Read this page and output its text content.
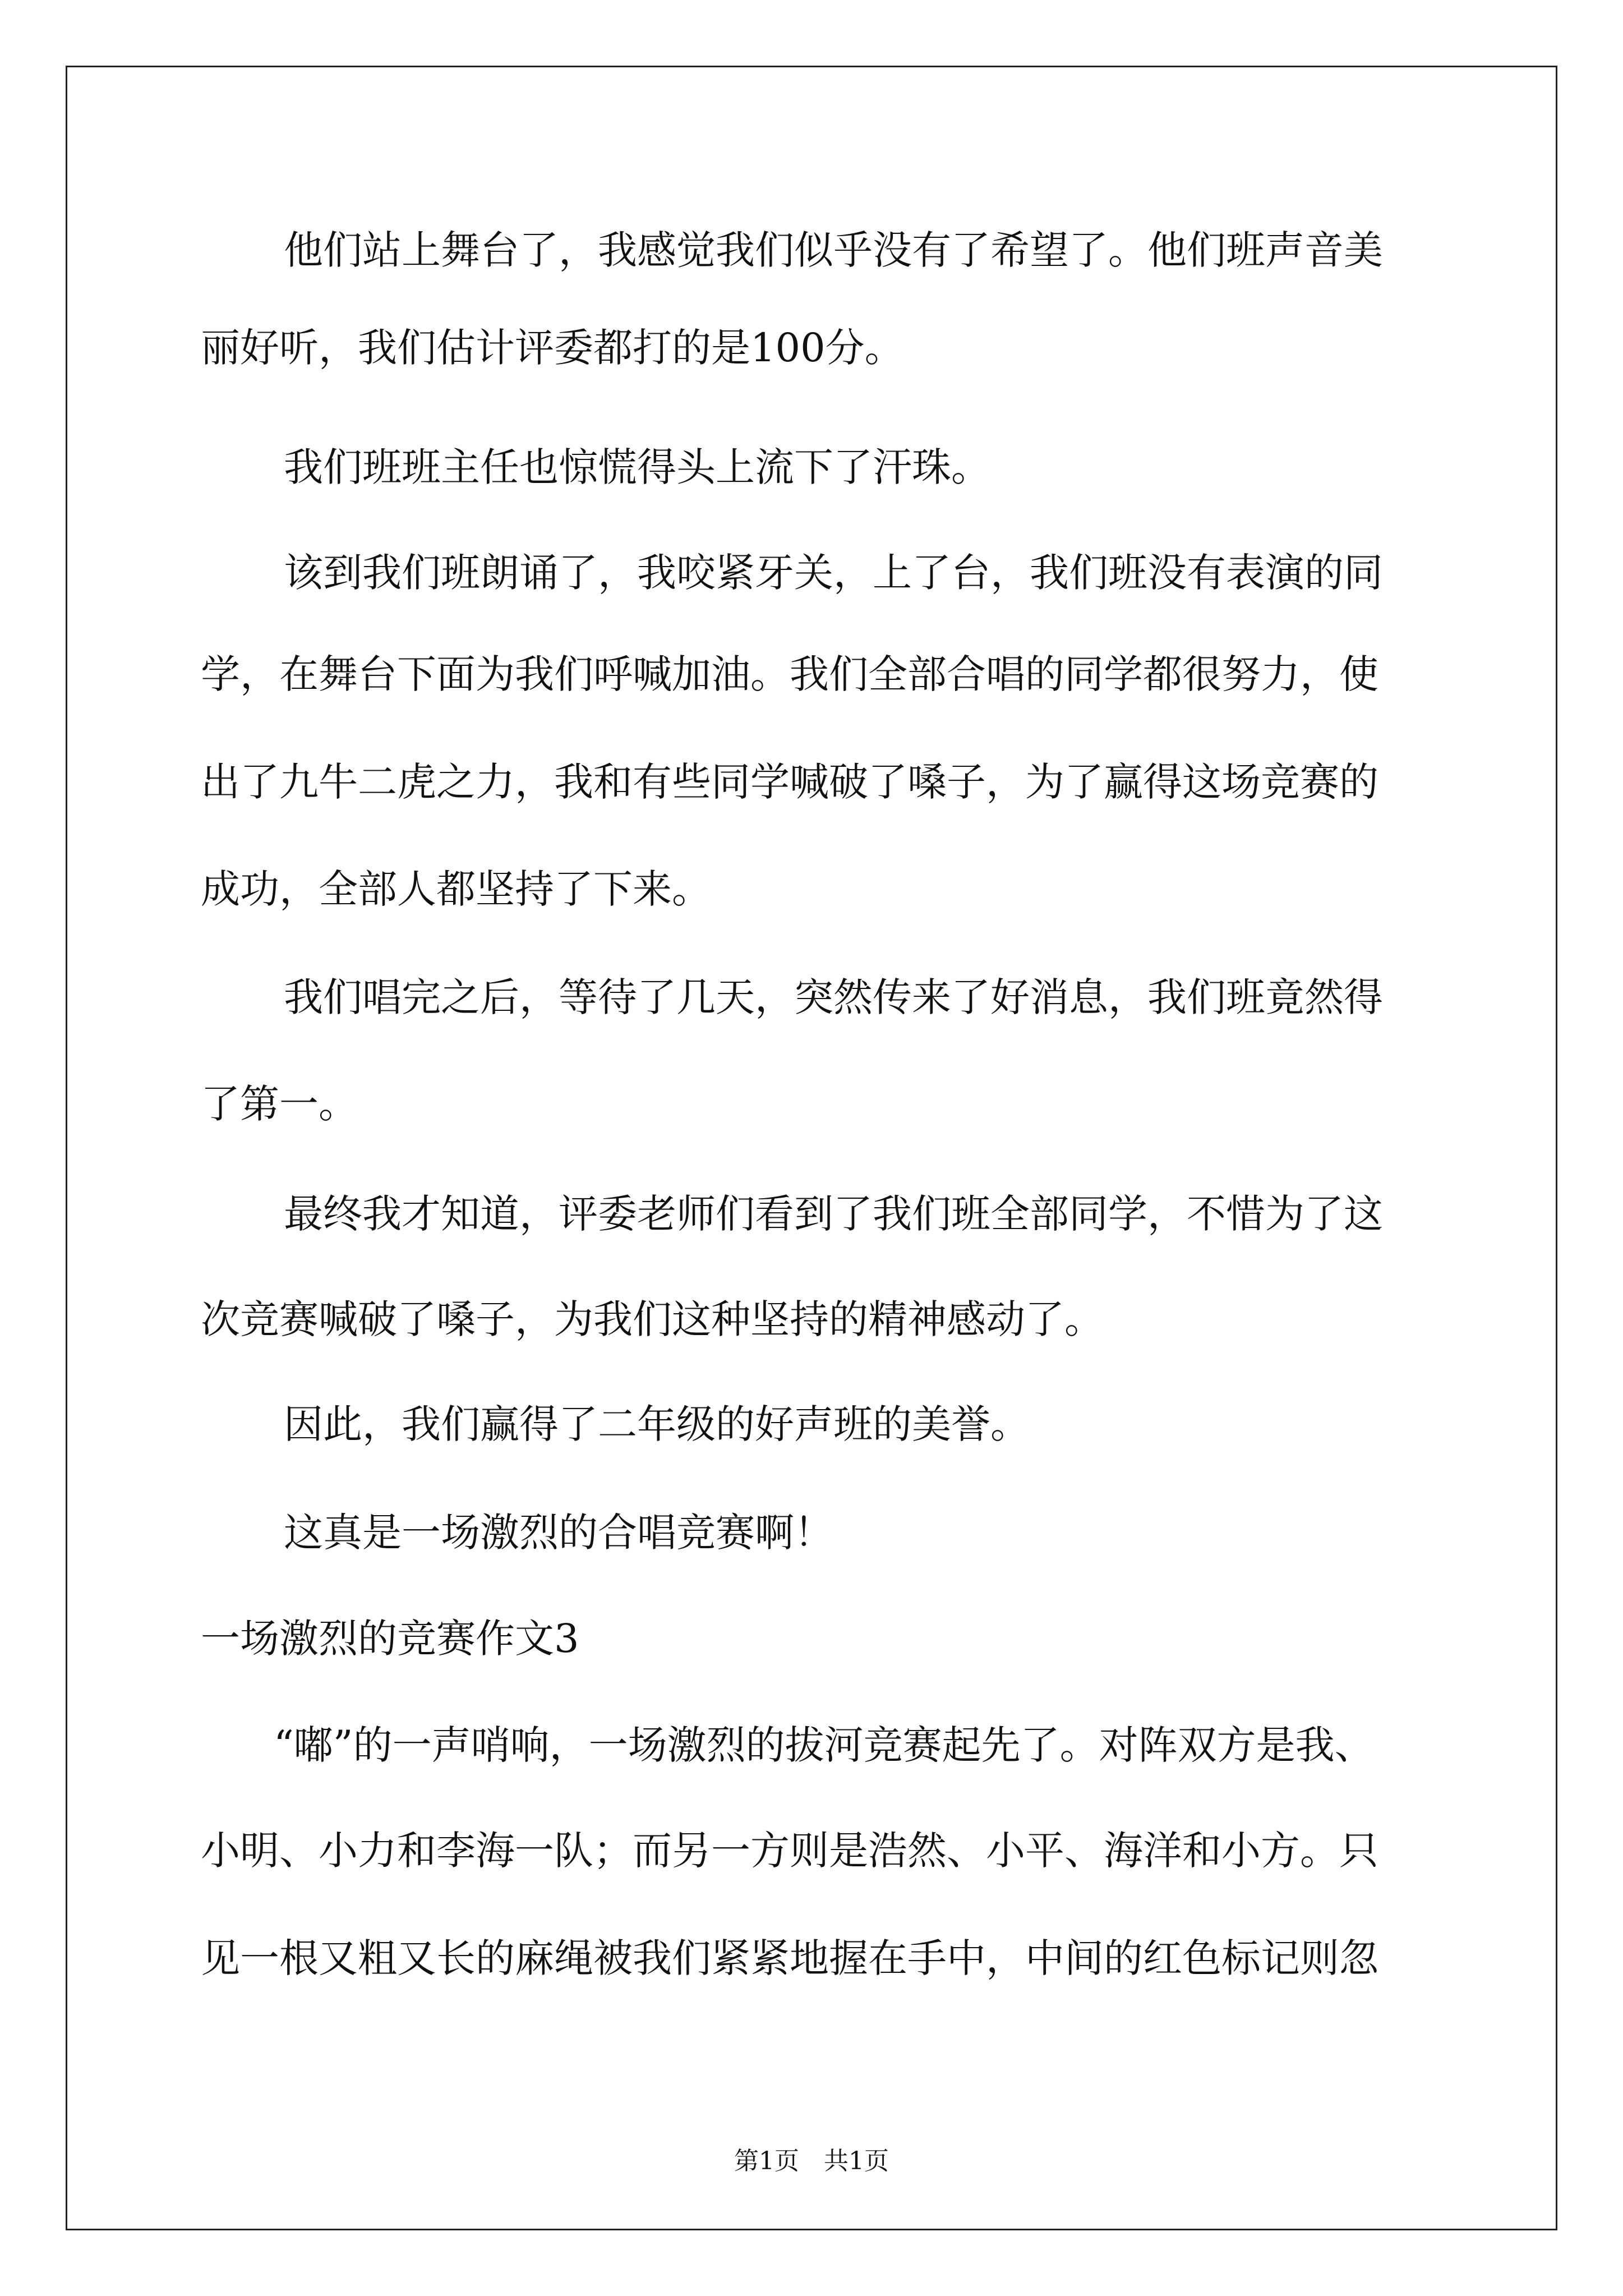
他们站上舞台了，我感觉我们似乎没有了希望了。他们班声音美
丽好听，我们估计评委都打的是100分。
我们班班主任也惊慌得头上流下了汗珠。
该到我们班朗诵了，我咬紧牙关，上了台，我们班没有表演的同
学，在舞台下面为我们呼喊加油。我们全部合唱的同学都很努力，使
出了九牛二虎之力，我和有些同学喊破了嗓子，为了赢得这场竞赛的
成功，全部人都坚持了下来。
我们唱完之后，等待了几天，突然传来了好消息，我们班竟然得
了第一。
最终我才知道，评委老师们看到了我们班全部同学，不惜为了这
次竞赛喊破了嗓子，为我们这种坚持的精神感动了。
因此，我们赢得了二年级的好声班的美誉。
这真是一场激烈的合唱竞赛啊！
一场激烈的竞赛作文3
“嘟”的一声哨响，一场激烈的拔河竞赛起先了。对阵双方是我、
小明、小力和李海一队；而另一方则是浩然、小平、海洋和小方。只
见一根又粗又长的麻绳被我们紧紧地握在手中，中间的红色标记则忽
第1页　共1页
